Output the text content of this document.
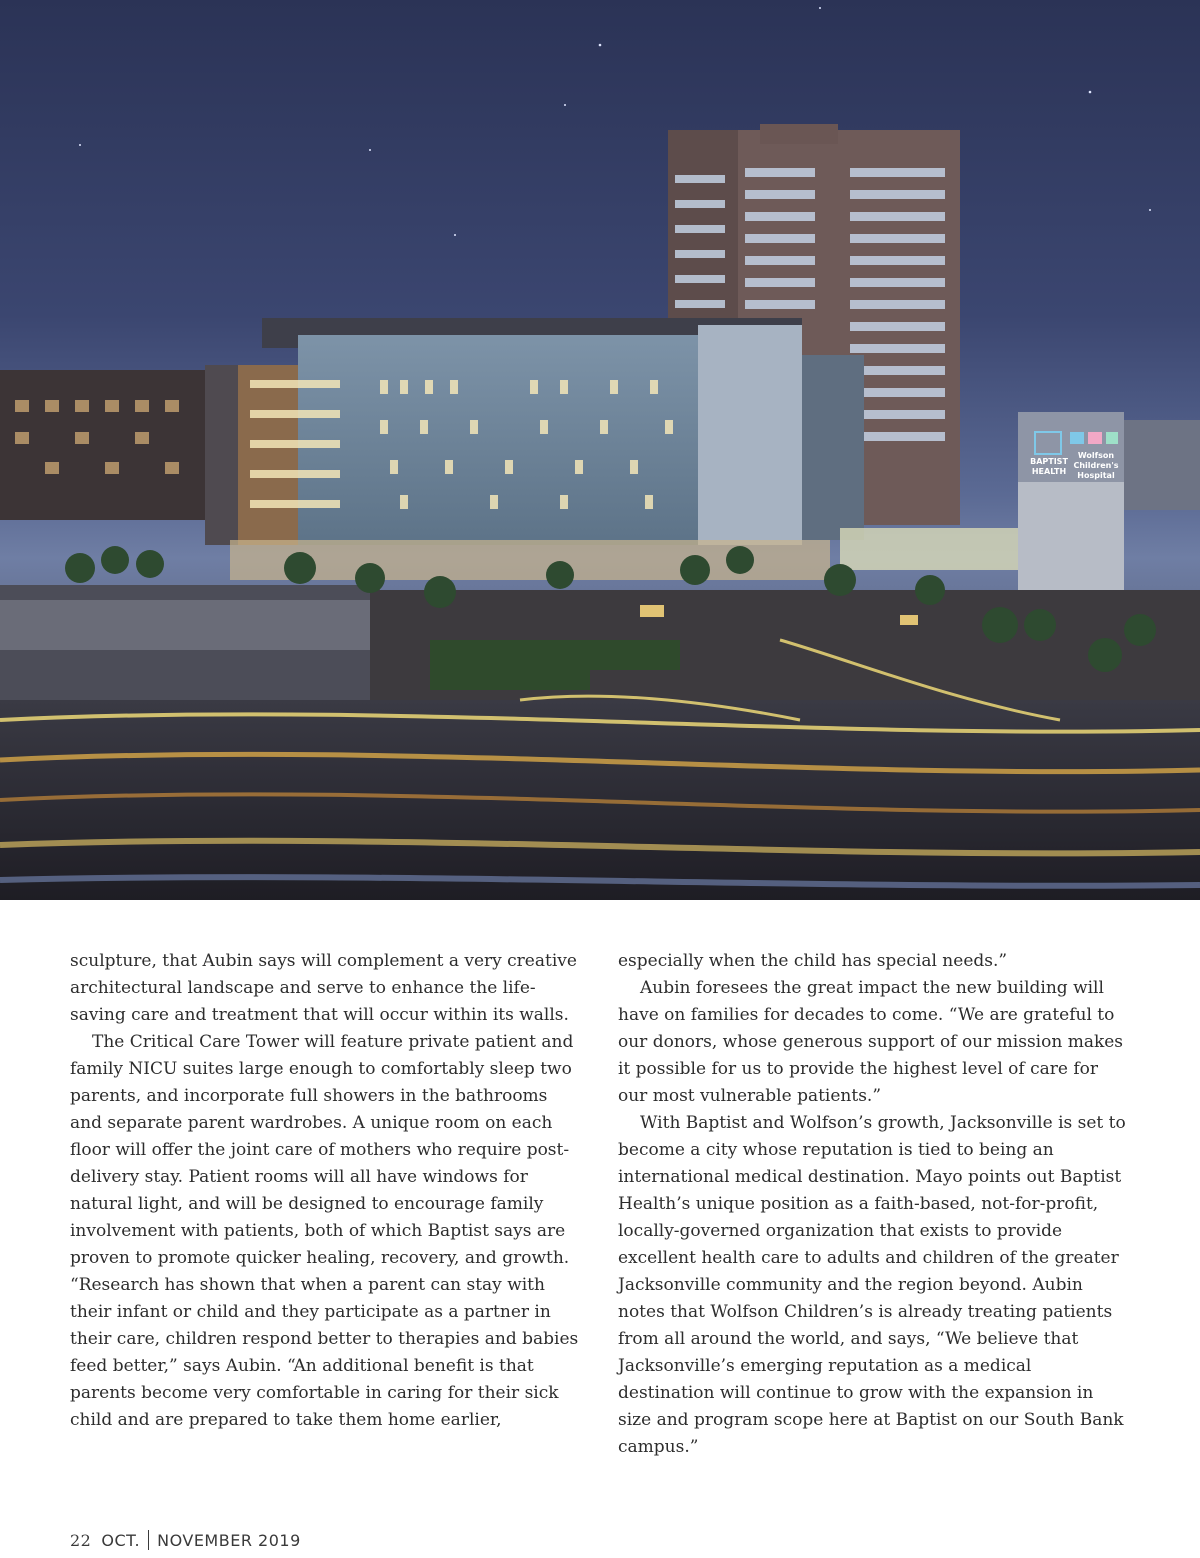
BAPTIST
HEALTH
Wolfson
Children's
Hospital

sculpture, that Aubin says will complement a very creative architectural landscape and serve to enhance the life-saving care and treatment that will occur within its walls.

The Critical Care Tower will feature private patient and family NICU suites large enough to comfortably sleep two parents, and incorporate full showers in the bathrooms and separate parent wardrobes. A unique room on each floor will offer the joint care of mothers who require post-delivery stay. Patient rooms will all have windows for natural light, and will be designed to encourage family involvement with patients, both of which Baptist says are proven to promote quicker healing, recovery, and growth. “Research has shown that when a parent can stay with their infant or child and they participate as a partner in their care, children respond better to therapies and babies feed better,” says Aubin. “An additional benefit is that parents become very comfortable in caring for their sick child and are prepared to take them home earlier,

especially when the child has special needs.”

Aubin foresees the great impact the new building will have on families for decades to come. “We are grateful to our donors, whose generous support of our mission makes it possible for us to provide the highest level of care for our most vulnerable patients.”

With Baptist and Wolfson’s growth, Jacksonville is set to become a city whose reputation is tied to being an international medical destination. Mayo points out Baptist Health’s unique position as a faith-based, not-for-profit, locally-governed organization that exists to provide excellent health care to adults and children of the greater Jacksonville community and the region beyond. Aubin notes that Wolfson Children’s is already treating patients from all around the world, and says, “We believe that Jacksonville’s emerging reputation as a medical destination will continue to grow with the expansion in size and program scope here at Baptist on our South Bank campus.”

22 OCT. NOVEMBER 2019
